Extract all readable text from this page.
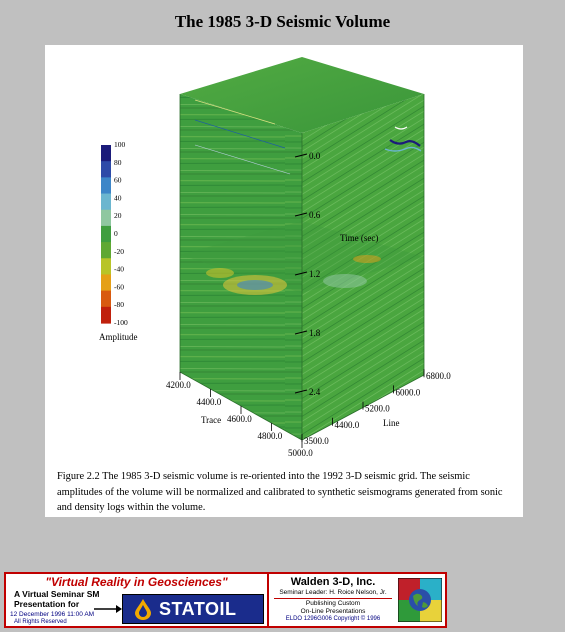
The 1985 3-D Seismic Volume
0.0
0.6
1.2
1.8
2.4
Time (sec)
4200.0
4400.0
4600.0
4800.0
5000.0
Trace
3500.0
4400.0
5200.0
6000.0
6800.0
Line
100
80
60
40
20
0
-20
-40
-60
-80
-100
Amplitude
Figure 2.2 The 1985 3-D seismic volume is re-oriented into the 1992 3-D seismic grid. The seismic amplitudes of the volume will be normalized and calibrated to synthetic seismograms generated from sonic and density logs within the volume.
"Virtual Reality in Geosciences"
A Virtual Seminar SM
Presentation for
12 December 1996 11:00 AM
All Rights Reserved
STATOIL
Walden 3-D, Inc.
Seminar Leader: H. Roice Nelson, Jr.
Publishing Custom
On-Line Presentations
ELDO 1296G006 Copyright © 1996
